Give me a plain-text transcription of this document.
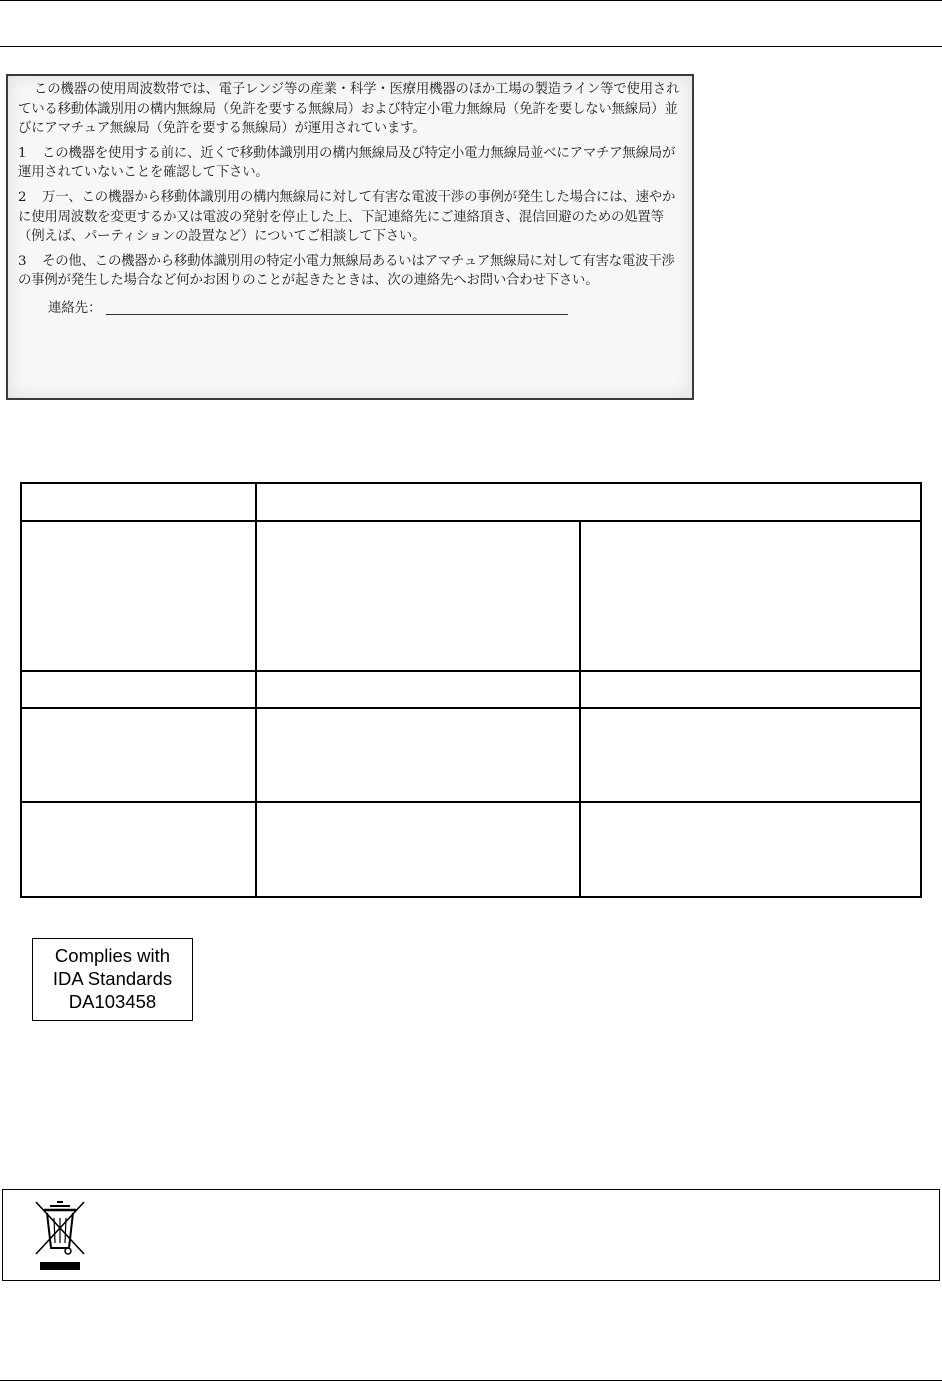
この機器の使用周波数帯では、電子レンジ等の産業・科学・医療用機器のほか工場の製造ライン等で使用されている移動体識別用の構内無線局（免許を要する無線局）および特定小電力無線局（免許を要しない無線局）並びにアマチュア無線局（免許を要する無線局）が運用されています。

1 この機器を使用する前に、近くで移動体識別用の構内無線局及び特定小電力無線局並べにアマチア無線局が運用されていないことを確認して下さい。
2 万一、この機器から移動体識別用の構内無線局に対して有害な電波干渉の事例が発生した場合には、速やかに使用周波数を変更するか又は電波の発射を停止した上、下記連絡先にご連絡頂き、混信回避のための処置等（例えば、パーティションの設置など）についてご相談して下さい。
3 その他、この機器から移動体識別用の特定小電力無線局あるいはアマチュア無線局に対して有害な電波干渉の事例が発生した場合など何かお困りのことが起きたときは、次の連絡先へお問い合わせ下さい。
連絡先：
Complies with
IDA Standards
DA103458
